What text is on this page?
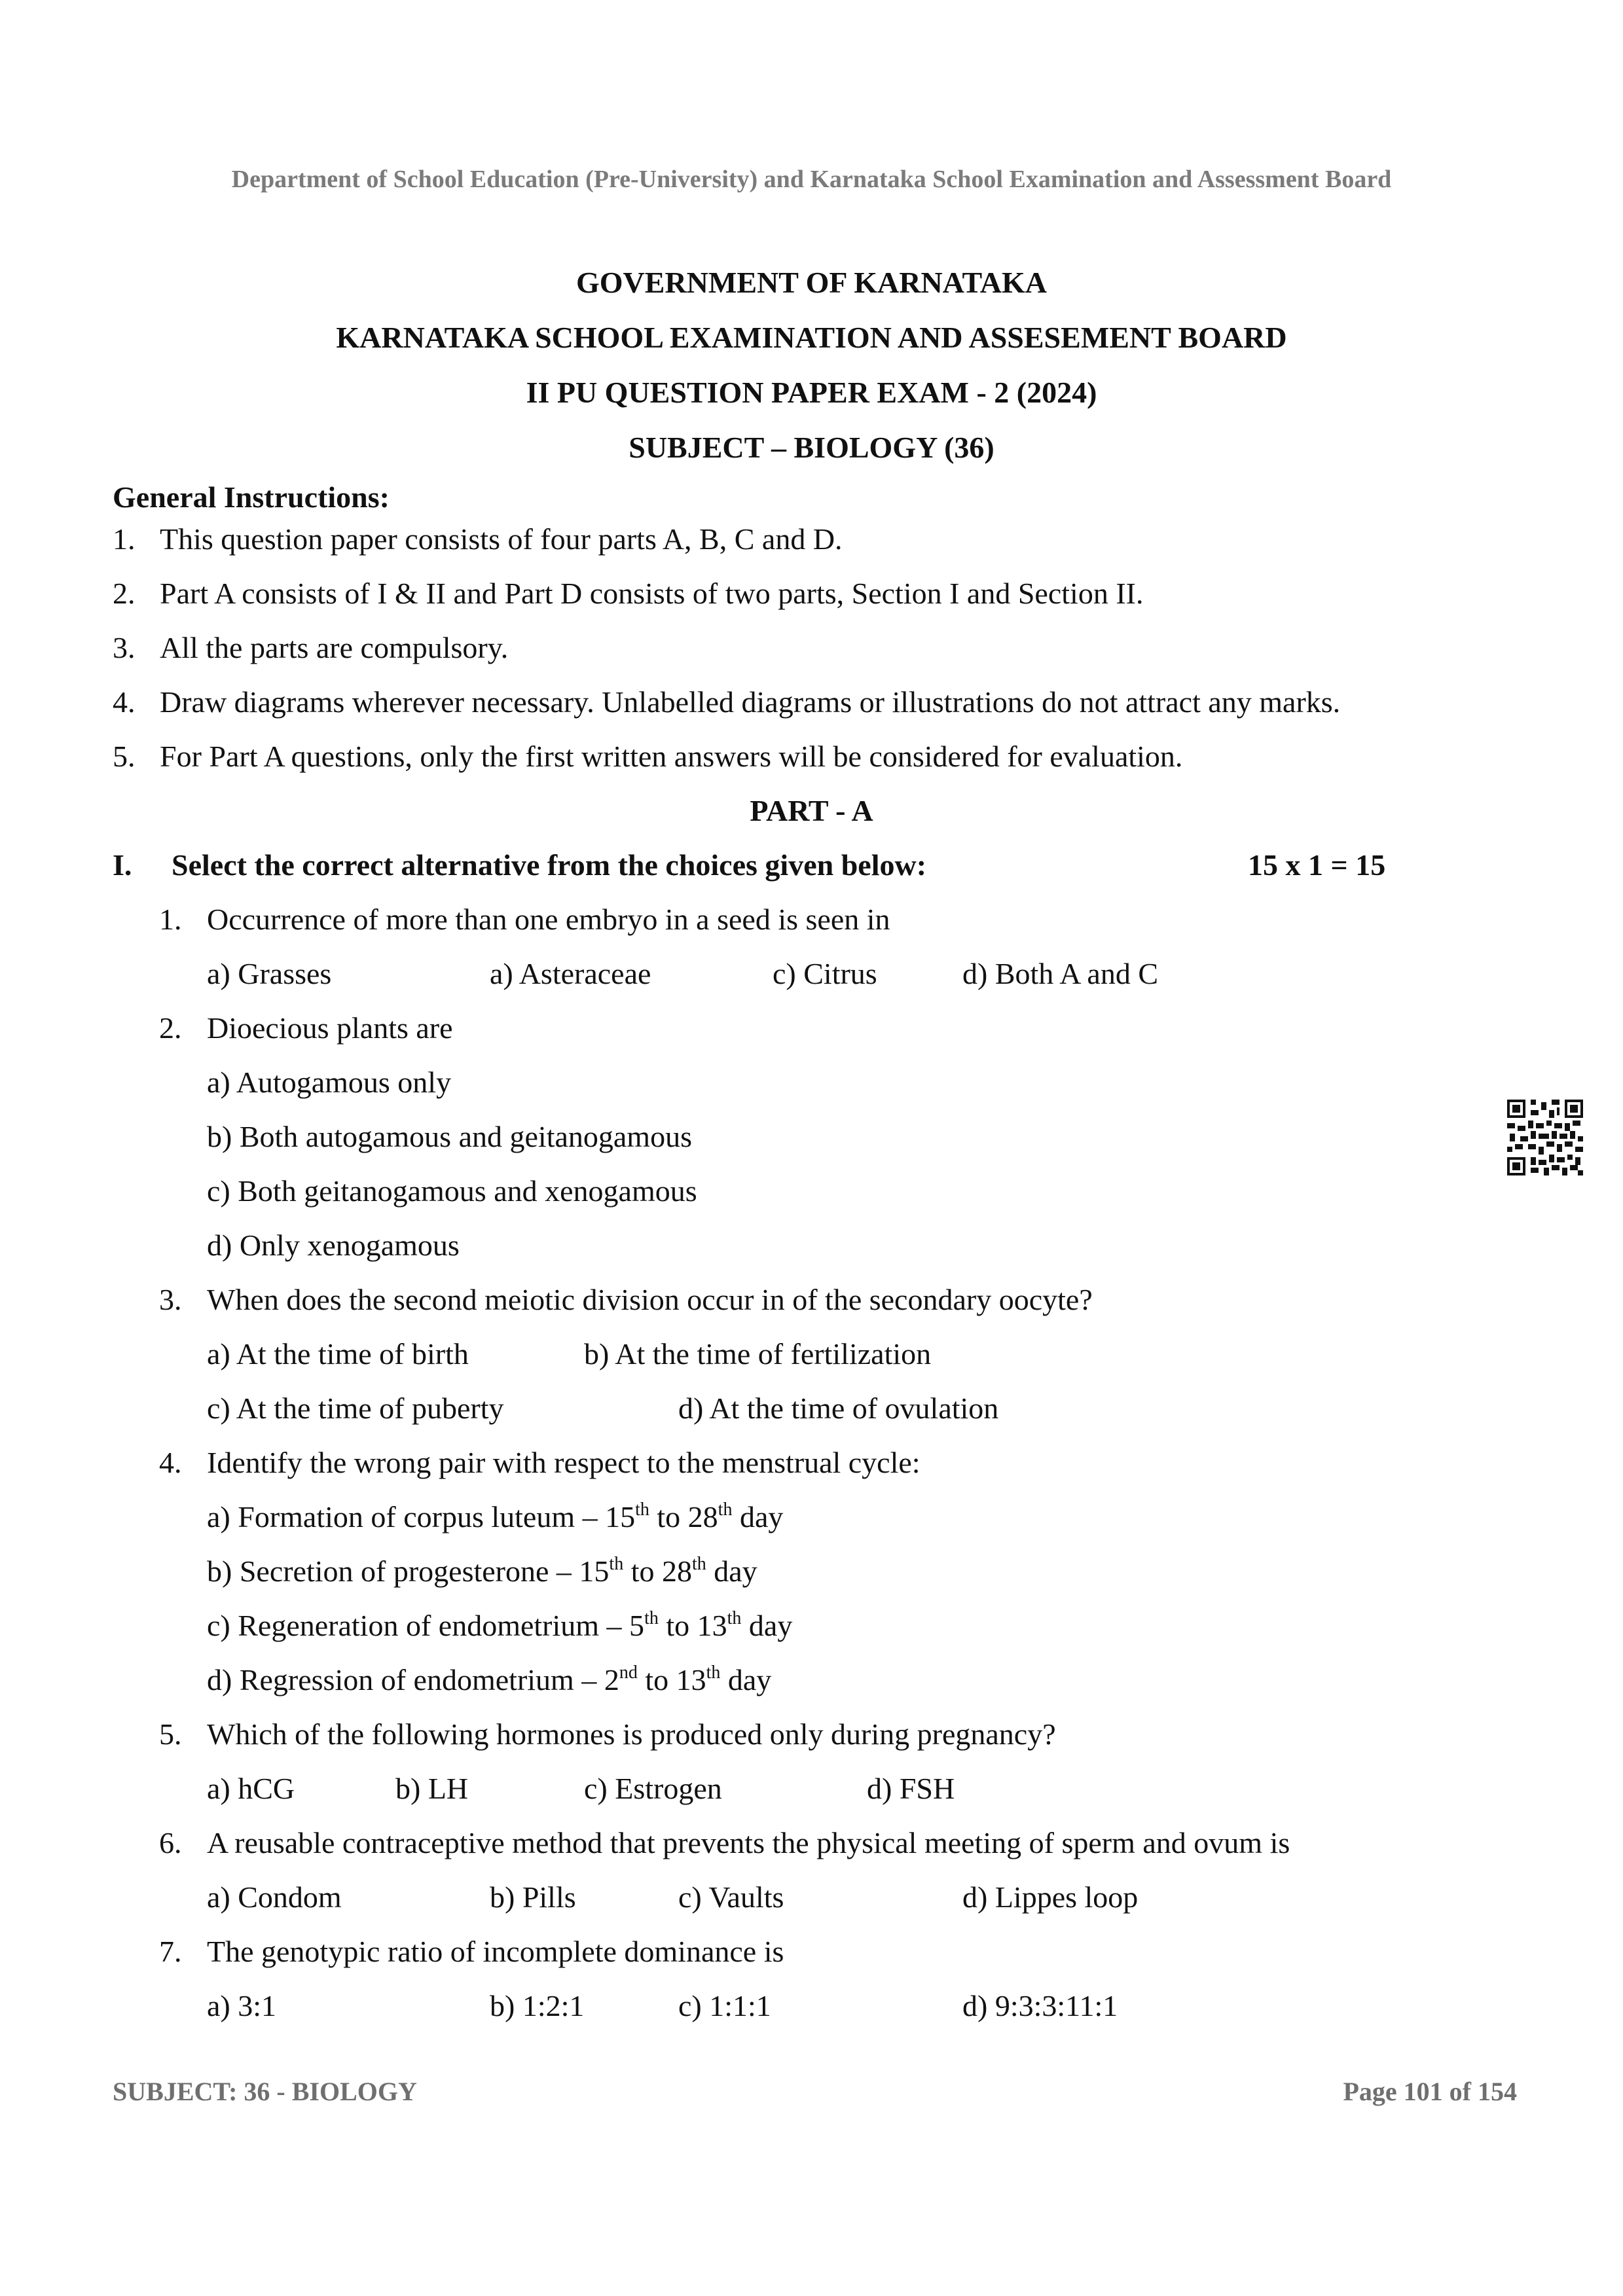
Department of School Education (Pre-University) and Karnataka School Examination and Assessment Board
GOVERNMENT OF KARNATAKA
KARNATAKA SCHOOL EXAMINATION AND ASSESEMENT BOARD
II PU QUESTION PAPER EXAM - 2 (2024)
SUBJECT – BIOLOGY (36)
General Instructions:
1. This question paper consists of four parts A, B, C and D.
2. Part A consists of I & II and Part D consists of two parts, Section I and Section II.
3. All the parts are compulsory.
4. Draw diagrams wherever necessary. Unlabelled diagrams or illustrations do not attract any marks.
5. For Part A questions, only the first written answers will be considered for evaluation.
PART - A
I. Select the correct alternative from the choices given below:	15 x 1 = 15
1. Occurrence of more than one embryo in a seed is seen in
a) Grasses	a) Asteraceae	c) Citrus	d) Both A and C
2. Dioecious plants are
a) Autogamous only
b) Both autogamous and geitanogamous
c) Both geitanogamous and xenogamous
d) Only xenogamous
3. When does the second meiotic division occur in of the secondary oocyte?
a) At the time of birth	b) At the time of fertilization
c) At the time of puberty	d) At the time of ovulation
4. Identify the wrong pair with respect to the menstrual cycle:
a) Formation of corpus luteum – 15th to 28th day
b) Secretion of progesterone – 15th to 28th day
c) Regeneration of endometrium – 5th to 13th day
d) Regression of endometrium – 2nd to 13th day
5. Which of the following hormones is produced only during pregnancy?
a) hCG	b) LH	c) Estrogen	d) FSH
6. A reusable contraceptive method that prevents the physical meeting of sperm and ovum is
a) Condom	b) Pills	c) Vaults	d) Lippes loop
7. The genotypic ratio of incomplete dominance is
a) 3:1	b) 1:2:1	c) 1:1:1	d) 9:3:3:11:1
SUBJECT: 36 - BIOLOGY	Page 101 of 154
